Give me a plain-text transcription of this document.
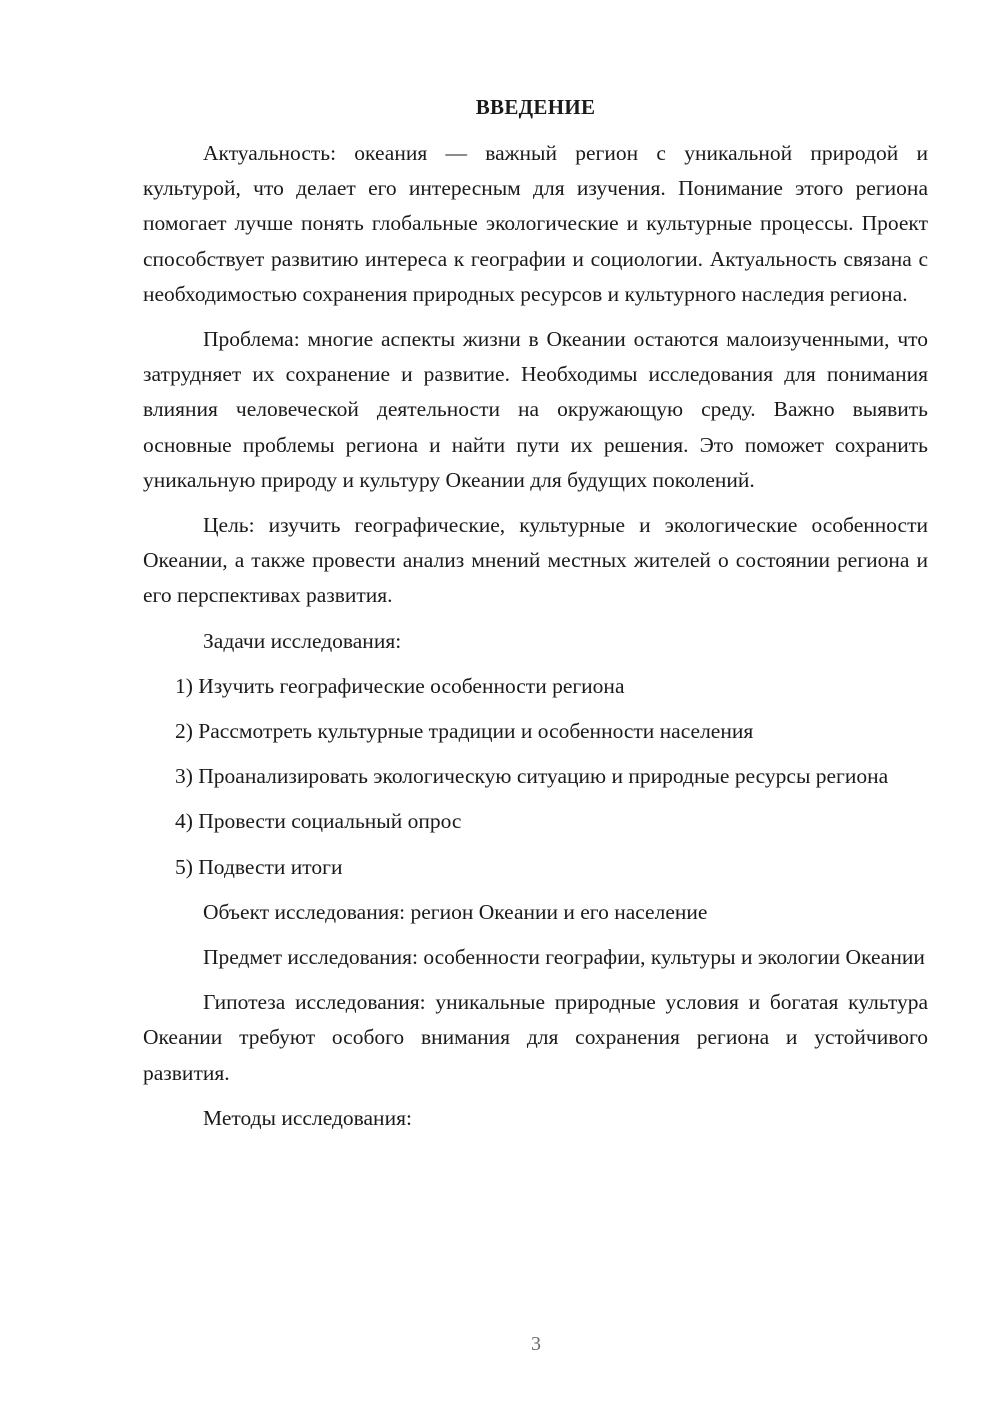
ВВЕДЕНИЕ

Актуальность: океания — важный регион с уникальной природой и культурой, что делает его интересным для изучения. Понимание этого региона помогает лучше понять глобальные экологические и культурные процессы. Проект способствует развитию интереса к географии и социологии. Актуальность связана с необходимостью сохранения природных ресурсов и культурного наследия региона.

Проблема: многие аспекты жизни в Океании остаются малоизученными, что затрудняет их сохранение и развитие. Необходимы исследования для понимания влияния человеческой деятельности на окружающую среду. Важно выявить основные проблемы региона и найти пути их решения. Это поможет сохранить уникальную природу и культуру Океании для будущих поколений.

Цель: изучить географические, культурные и экологические особенности Океании, а также провести анализ мнений местных жителей о состоянии региона и его перспективах развития.

Задачи исследования:

1) Изучить географические особенности региона

2) Рассмотреть культурные традиции и особенности населения

3) Проанализировать экологическую ситуацию и природные ресурсы региона

4) Провести социальный опрос

5) Подвести итоги

Объект исследования: регион Океании и его население

Предмет исследования: особенности географии, культуры и экологии Океании

Гипотеза исследования: уникальные природные условия и богатая культура Океании требуют особого внимания для сохранения региона и устойчивого развития.

Методы исследования:

3
